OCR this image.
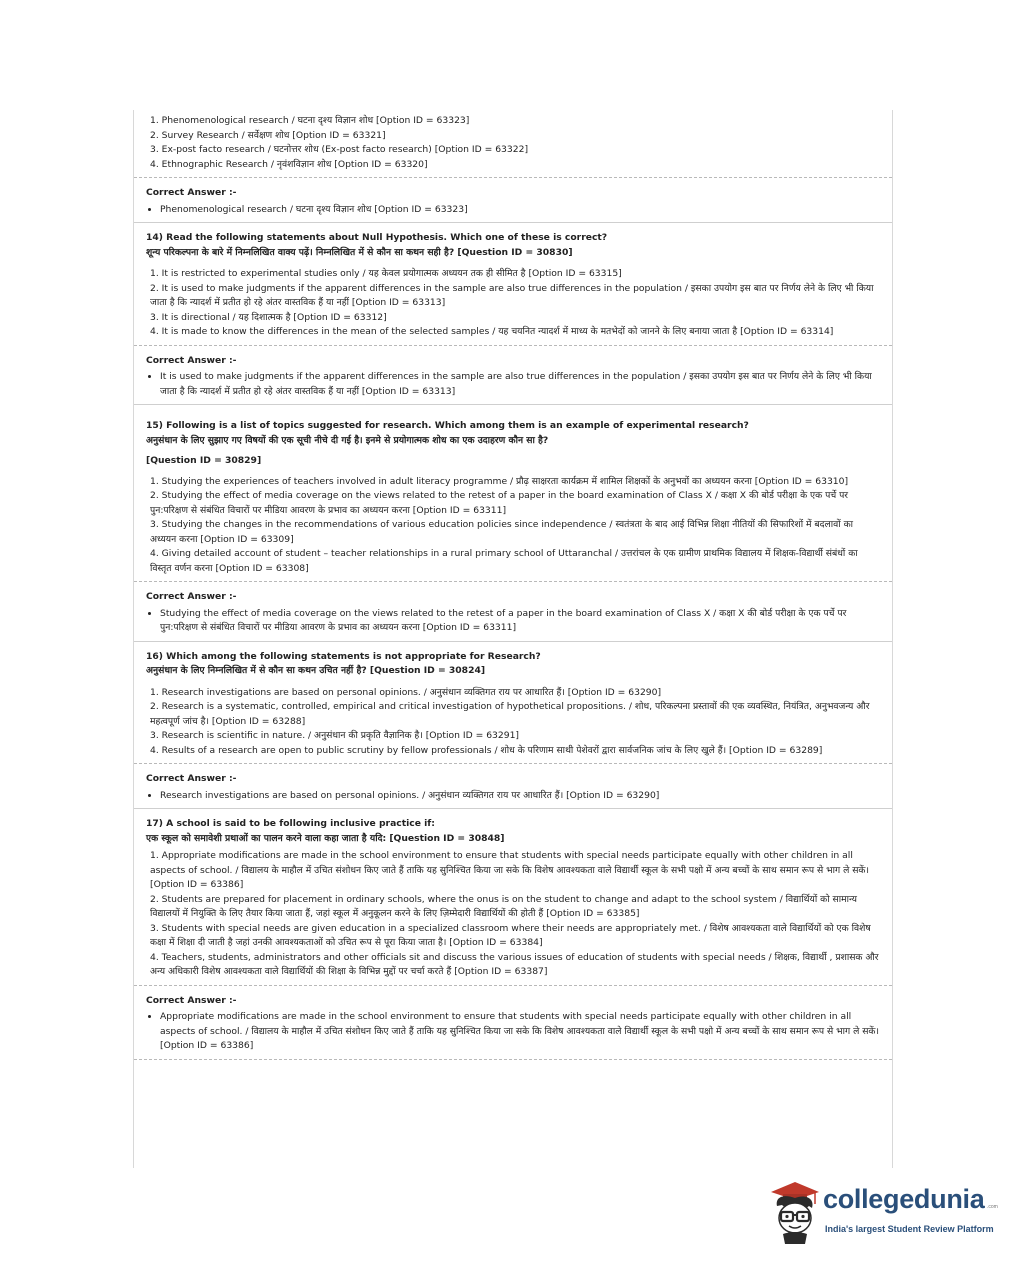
1. Phenomenological research / घटना दृश्य विज्ञान शोध [Option ID = 63323]
2. Survey Research / सर्वेक्षण शोध [Option ID = 63321]
3. Ex-post facto research / घटनोत्तर शोध (Ex-post facto research) [Option ID = 63322]
4. Ethnographic Research / नृवंशविज्ञान शोध [Option ID = 63320]
Correct Answer :-
• Phenomenological research / घटना दृश्य विज्ञान शोध [Option ID = 63323]
14) Read the following statements about Null Hypothesis. Which one of these is correct?
शून्य परिकल्पना के बारे में निम्नलिखित वाक्य पढ़ें। निम्नलिखित में से कौन सा कथन सही है? [Question ID = 30830]
1. It is restricted to experimental studies only / यह केवल प्रयोगात्मक अध्ययन तक ही सीमित है [Option ID = 63315]
2. It is used to make judgments if the apparent differences in the sample are also true differences in the population / इसका उपयोग इस बात पर निर्णय लेने के लिए भी किया जाता है कि न्यादर्श में प्रतीत हो रहे अंतर वास्तविक हैं या नहीं [Option ID = 63313]
3. It is directional / यह दिशात्मक है [Option ID = 63312]
4. It is made to know the differences in the mean of the selected samples / यह चयनित न्यादर्श में माध्य के मतभेदों को जानने के लिए बनाया जाता है [Option ID = 63314]
Correct Answer :-
• It is used to make judgments if the apparent differences in the sample are also true differences in the population / इसका उपयोग इस बात पर निर्णय लेने के लिए भी किया जाता है कि न्यादर्श में प्रतीत हो रहे अंतर वास्तविक हैं या नहीं [Option ID = 63313]
15) Following is a list of topics suggested for research. Which among them is an example of experimental research?
अनुसंधान के लिए सुझाए गए विषयों की एक सूची नीचे दी गई है। इनमे से प्रयोगात्मक शोध का एक उदाहरण कौन सा है?
[Question ID = 30829]
1. Studying the experiences of teachers involved in adult literacy programme / प्रौढ़ साक्षरता कार्यक्रम में शामिल शिक्षकों के अनुभवों का अध्ययन करना [Option ID = 63310]
2. Studying the effect of media coverage on the views related to the retest of a paper in the board examination of Class X / कक्षा X की बोर्ड परीक्षा के एक पर्चे पर पुन:परिक्षण से संबंधित विचारों पर मीडिया आवरण के प्रभाव का अध्ययन करना [Option ID = 63311]
3. Studying the changes in the recommendations of various education policies since independence / स्वतंत्रता के बाद आई विभिन्न शिक्षा नीतियों की सिफारिशों में बदलावों का अध्ययन करना [Option ID = 63309]
4. Giving detailed account of student – teacher relationships in a rural primary school of Uttaranchal / उत्तरांचल के एक ग्रामीण प्राथमिक विद्यालय में शिक्षक-विद्यार्थी संबंधों का विस्तृत वर्णन करना [Option ID = 63308]
Correct Answer :-
• Studying the effect of media coverage on the views related to the retest of a paper in the board examination of Class X / कक्षा X की बोर्ड परीक्षा के एक पर्चे पर पुन:परिक्षण से संबंधित विचारों पर मीडिया आवरण के प्रभाव का अध्ययन करना [Option ID = 63311]
16) Which among the following statements is not appropriate for Research?
अनुसंधान के लिए निम्नलिखित में से कौन सा कथन उचित नहीं है? [Question ID = 30824]
1. Research investigations are based on personal opinions. / अनुसंधान व्यक्तिगत राय पर आधारित हैं। [Option ID = 63290]
2. Research is a systematic, controlled, empirical and critical investigation of hypothetical propositions. / शोध, परिकल्पना प्रस्तावों की एक व्यवस्थित, नियंत्रित, अनुभवजन्य और महत्वपूर्ण जांच है। [Option ID = 63288]
3. Research is scientific in nature. / अनुसंधान की प्रकृति वैज्ञानिक है। [Option ID = 63291]
4. Results of a research are open to public scrutiny by fellow professionals / शोध के परिणाम साथी पेशेवरों द्वारा सार्वजनिक जांच के लिए खुले हैं। [Option ID = 63289]
Correct Answer :-
• Research investigations are based on personal opinions. / अनुसंधान व्यक्तिगत राय पर आधारित हैं। [Option ID = 63290]
17) A school is said to be following inclusive practice if:
एक स्कूल को समावेशी प्रथाओं का पालन करने वाला कहा जाता है यदि: [Question ID = 30848]
1. Appropriate modifications are made in the school environment to ensure that students with special needs participate equally with other children in all aspects of school. / विद्यालय के माहौल में उचित संशोधन किए जाते हैं ताकि यह सुनिश्चित किया जा सके कि विशेष आवश्यकता वाले विद्यार्थी स्कूल के सभी पक्षो में अन्य बच्चों के साथ समान रूप से भाग ले सकें। [Option ID = 63386]
2. Students are prepared for placement in ordinary schools, where the onus is on the student to change and adapt to the school system / विद्यार्थियों को सामान्य विद्यालयों में नियुक्ति के लिए तैयार किया जाता हैं, जहां स्कूल में अनुकूलन करने के लिए ज़िम्मेदारी विद्यार्थियों की होती हैं [Option ID = 63385]
3. Students with special needs are given education in a specialized classroom where their needs are appropriately met. / विशेष आवश्यकता वाले विद्यार्थियों को एक विशेष कक्षा में शिक्षा दी जाती है जहां उनकी आवश्यकताओं को उचित रूप से पूरा किया जाता है। [Option ID = 63384]
4. Teachers, students, administrators and other officials sit and discuss the various issues of education of students with special needs / शिक्षक, विद्यार्थी , प्रशासक और अन्य अधिकारी विशेष आवश्यकता वाले विद्यार्थियों की शिक्षा के विभिन्न मुद्दों पर चर्चा करते हैं [Option ID = 63387]
Correct Answer :-
• Appropriate modifications are made in the school environment to ensure that students with special needs participate equally with other children in all aspects of school. / विद्यालय के माहौल में उचित संशोधन किए जाते हैं ताकि यह सुनिश्चित किया जा सके कि विशेष आवश्यकता वाले विद्यार्थी स्कूल के सभी पक्षो में अन्य बच्चों के साथ समान रूप से भाग ले सकें। [Option ID = 63386]
collegedunia .com
India's largest Student Review Platform
